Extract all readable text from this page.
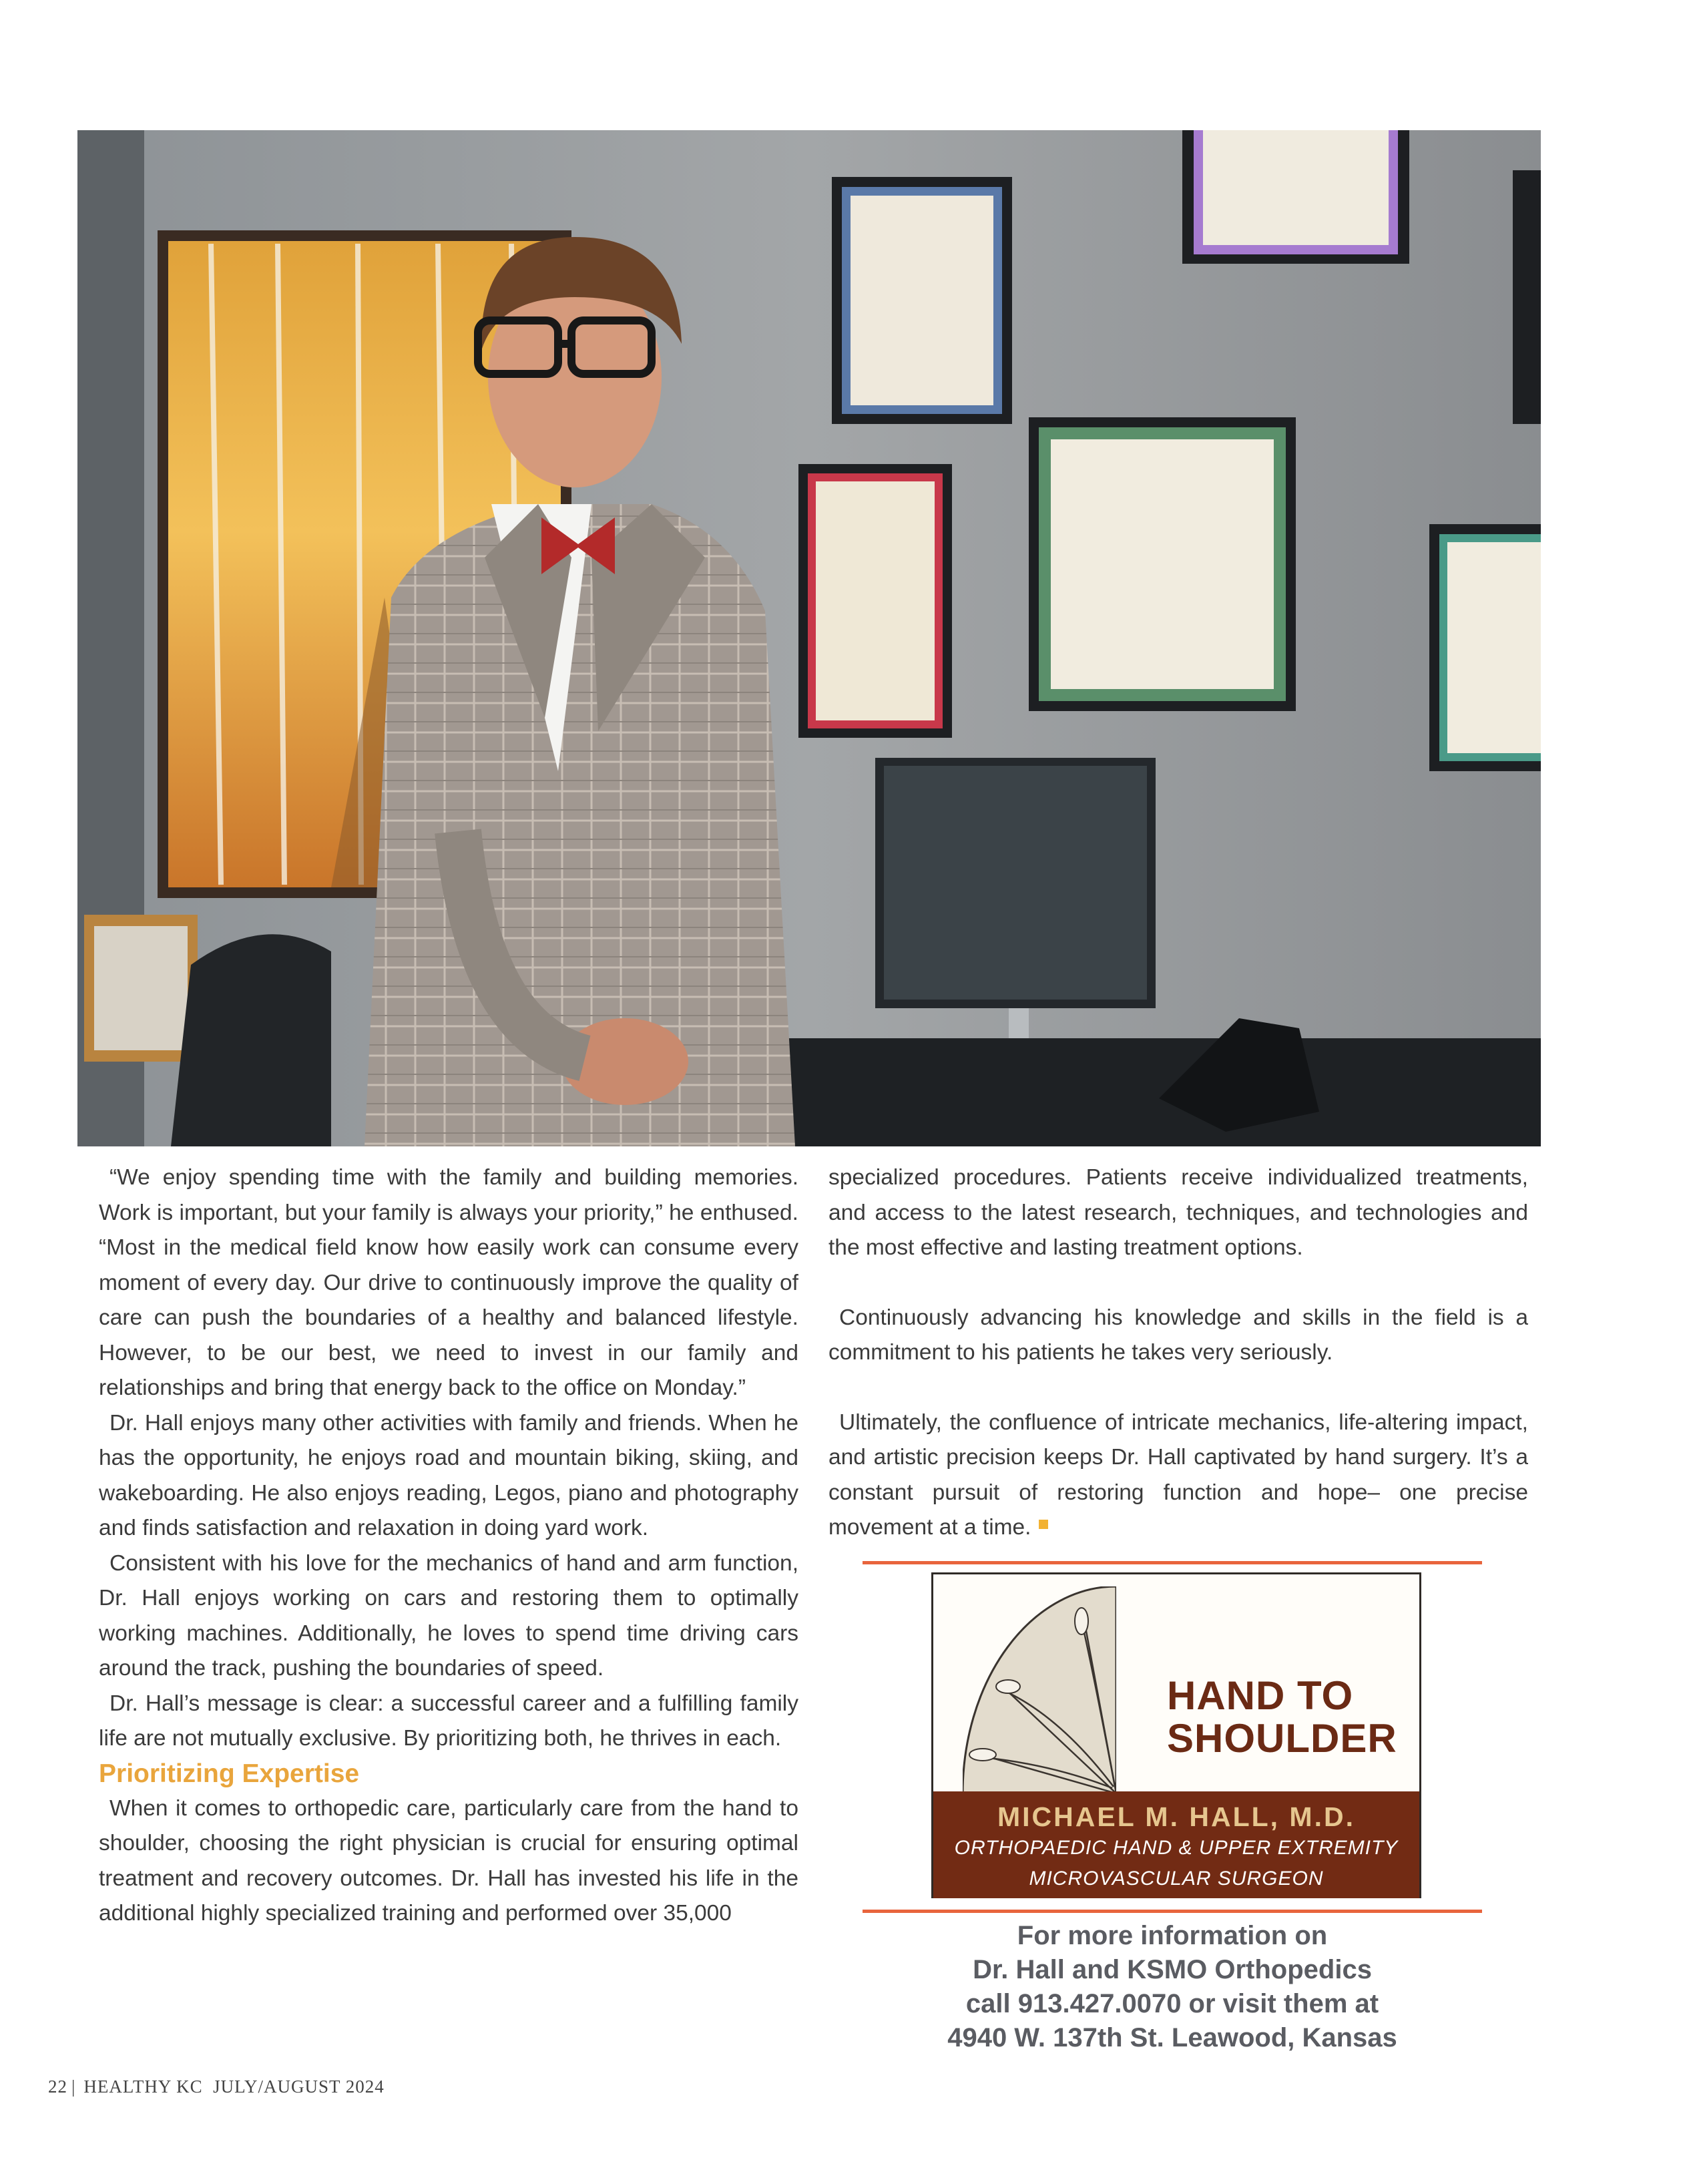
“We enjoy spending time with the family and building memories. Work is important, but your family is always your priority,” he enthused. “Most in the medical field know how easily work can consume every moment of every day. Our drive to continuously improve the quality of care can push the boundaries of a healthy and balanced lifestyle. However, to be our best, we need to invest in our family and relationships and bring that energy back to the office on Monday.”

Dr. Hall enjoys many other activities with family and friends. When he has the opportunity, he enjoys road and mountain biking, skiing, and wakeboarding. He also enjoys reading, Legos, piano and photography and finds satisfaction and relaxation in doing yard work.

Consistent with his love for the mechanics of hand and arm function, Dr. Hall enjoys working on cars and restoring them to optimally working machines. Additionally, he loves to spend time driving cars around the track, pushing the boundaries of speed.

Dr. Hall’s message is clear: a successful career and a fulfilling family life are not mutually exclusive. By prioritizing both, he thrives in each.

Prioritizing Expertise

When it comes to orthopedic care, particularly care from the hand to shoulder, choosing the right physician is crucial for ensuring optimal treatment and recovery outcomes. Dr. Hall has invested his life in the additional highly specialized training and performed over 35,000

specialized procedures. Patients receive individualized treatments, and access to the latest research, techniques, and technologies and the most effective and lasting treatment options.

Continuously advancing his knowledge and skills in the field is a commitment to his patients he takes very seriously.

Ultimately, the confluence of intricate mechanics, life-altering impact, and artistic precision keeps Dr. Hall captivated by hand surgery. It’s a constant pursuit of restoring function and hope– one precise movement at a time.

HAND TO
SHOULDER
MICHAEL M. HALL, M.D.
ORTHOPAEDIC HAND & UPPER EXTREMITY
MICROVASCULAR SURGEON
For more information on
Dr. Hall and KSMO Orthopedics
call 913.427.0070 or visit them at
4940 W. 137th St. Leawood, Kansas
22 | HEALTHY KC JULY/AUGUST 2024
